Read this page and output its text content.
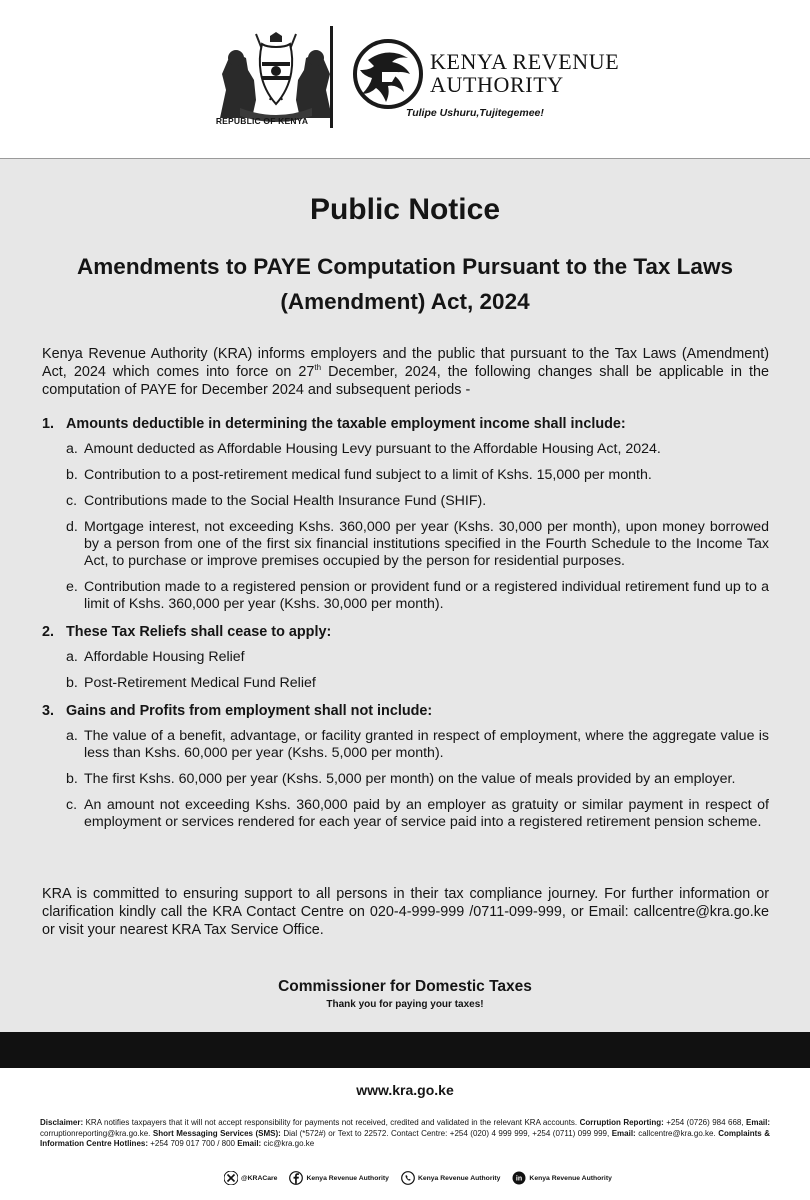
REPUBLIC OF KENYA
KENYA REVENUE
AUTHORITY
Tulipe Ushuru,Tujitegemee!
Public Notice
Amendments to PAYE Computation Pursuant to the Tax Laws (Amendment) Act, 2024
Kenya Revenue Authority (KRA) informs employers and the public that pursuant to the Tax Laws (Amendment) Act, 2024 which comes into force on 27th December, 2024, the following changes shall be applicable in the computation of PAYE for December 2024 and subsequent periods -
1. Amounts deductible in determining the taxable employment income shall include:
a. Amount deducted as Affordable Housing Levy pursuant to the Affordable Housing Act, 2024.
b. Contribution to a post-retirement medical fund subject to a limit of Kshs. 15,000 per month.
c. Contributions made to the Social Health Insurance Fund (SHIF).
d. Mortgage interest, not exceeding Kshs. 360,000 per year (Kshs. 30,000 per month), upon money borrowed by a person from one of the first six financial institutions specified in the Fourth Schedule to the Income Tax Act, to purchase or improve premises occupied by the person for residential purposes.
e. Contribution made to a registered pension or provident fund or a registered individual retirement fund up to a limit of Kshs. 360,000 per year (Kshs. 30,000 per month).
2. These Tax Reliefs shall cease to apply:
a. Affordable Housing Relief
b. Post-Retirement Medical Fund Relief
3. Gains and Profits from employment shall not include:
a. The value of a benefit, advantage, or facility granted in respect of employment, where the aggregate value is less than Kshs. 60,000 per year (Kshs. 5,000 per month).
b. The first Kshs. 60,000 per year (Kshs. 5,000 per month) on the value of meals provided by an employer.
c. An amount not exceeding Kshs. 360,000 paid by an employer as gratuity or similar payment in respect of employment or services rendered for each year of service paid into a registered retirement pension scheme.
KRA is committed to ensuring support to all persons in their tax compliance journey. For further information or clarification kindly call the KRA Contact Centre on 020-4-999-999 /0711-099-999, or Email: callcentre@kra.go.ke or visit your nearest KRA Tax Service Office.
Commissioner for Domestic Taxes
Thank you for paying your taxes!
www.kra.go.ke
Disclaimer: KRA notifies taxpayers that it will not accept responsibility for payments not received, credited and validated in the relevant KRA accounts. Corruption Reporting: +254 (0726) 984 668, Email: corruptionreporting@kra.go.ke. Short Messaging Services (SMS): Dial (*572#) or Text to 22572. Contact Centre: +254 (020) 4 999 999, +254 (0711) 099 999, Email: callcentre@kra.go.ke. Complaints & Information Centre Hotlines: +254 709 017 700 / 800 Email: cic@kra.go.ke
@KRACare	Kenya Revenue Authority	Kenya Revenue Authority in Kenya Revenue Authority
